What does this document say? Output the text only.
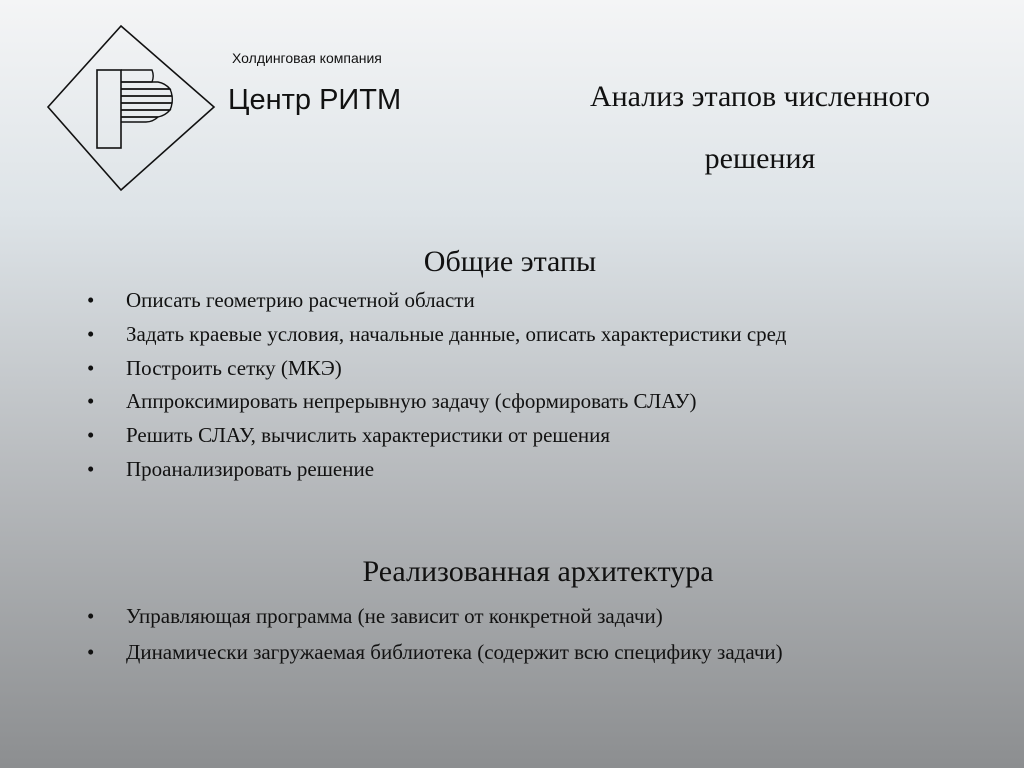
Холдинговая компания
Центр РИТМ	Анализ этапов численного
решения
Общие этапы
• Описать геометрию расчетной области
• Задать краевые условия, начальные данные, описать характеристики сред
• Построить сетку (МКЭ)
• Аппроксимировать непрерывную задачу (сформировать СЛАУ)
• Решить СЛАУ, вычислить характеристики от решения
• Проанализировать решение
Реализованная архитектура
• Управляющая программа (не зависит от конкретной задачи)
• Динамически загружаемая библиотека (содержит всю специфику задачи)
